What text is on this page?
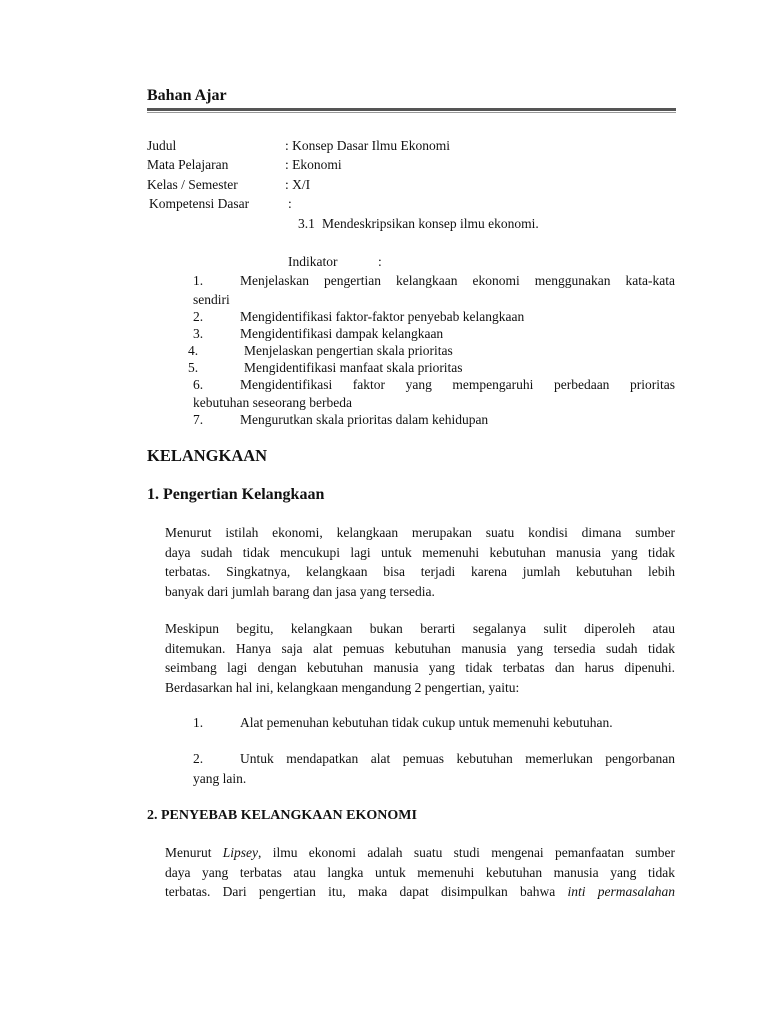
Bahan Ajar
Judul	: Konsep Dasar Ilmu Ekonomi
Mata Pelajaran	: Ekonomi
Kelas / Semester	: X/I
Kompetensi Dasar	:
3.1 Mendeskripsikan konsep ilmu ekonomi.
Indikator	:
1.	Menjelaskan pengertian kelangkaan ekonomi menggunakan kata-kata
sendiri
2.	Mengidentifikasi faktor-faktor penyebab kelangkaan
3.	Mengidentifikasi dampak kelangkaan
4.	Menjelaskan pengertian skala prioritas
5.	Mengidentifikasi manfaat skala prioritas
6.	Mengidentifikasi faktor yang mempengaruhi perbedaan prioritas
kebutuhan seseorang berbeda
7.	Mengurutkan skala prioritas dalam kehidupan
KELANGKAAN
1. Pengertian Kelangkaan
Menurut istilah ekonomi, kelangkaan merupakan suatu kondisi dimana sumber
daya sudah tidak mencukupi lagi untuk memenuhi kebutuhan manusia yang tidak
terbatas. Singkatnya, kelangkaan bisa terjadi karena jumlah kebutuhan lebih
banyak dari jumlah barang dan jasa yang tersedia.
Meskipun begitu, kelangkaan bukan berarti segalanya sulit diperoleh atau
ditemukan. Hanya saja alat pemuas kebutuhan manusia yang tersedia sudah tidak
seimbang lagi dengan kebutuhan manusia yang tidak terbatas dan harus dipenuhi.
Berdasarkan hal ini, kelangkaan mengandung 2 pengertian, yaitu:
1.	Alat pemenuhan kebutuhan tidak cukup untuk memenuhi kebutuhan.
2.	Untuk mendapatkan alat pemuas kebutuhan memerlukan pengorbanan
yang lain.
2. PENYEBAB KELANGKAAN EKONOMI
Menurut Lipsey, ilmu ekonomi adalah suatu studi mengenai pemanfaatan sumber
daya yang terbatas atau langka untuk memenuhi kebutuhan manusia yang tidak
terbatas. Dari pengertian itu, maka dapat disimpulkan bahwa inti permasalahan
